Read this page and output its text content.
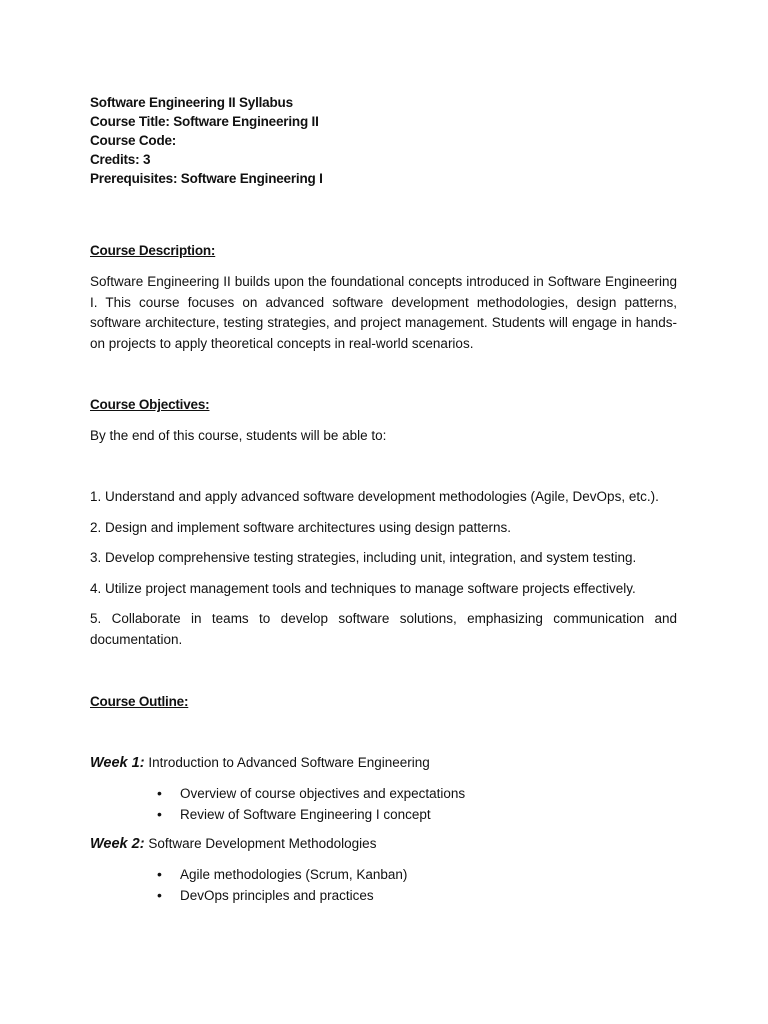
Software Engineering II Syllabus
Course Title: Software Engineering II
Course Code:
Credits: 3
Prerequisites: Software Engineering I
Course Description:

Software Engineering II builds upon the foundational concepts introduced in Software Engineering I. This course focuses on advanced software development methodologies, design patterns, software architecture, testing strategies, and project management. Students will engage in hands-on projects to apply theoretical concepts in real-world scenarios.

Course Objectives:

By the end of this course, students will be able to:

1. Understand and apply advanced software development methodologies (Agile, DevOps, etc.).

2. Design and implement software architectures using design patterns.

3. Develop comprehensive testing strategies, including unit, integration, and system testing.

4. Utilize project management tools and techniques to manage software projects effectively.

5. Collaborate in teams to develop software solutions, emphasizing communication and documentation.

Course Outline:
Week 1: Introduction to Advanced Software Engineering
• Overview of course objectives and expectations
• Review of Software Engineering I concept
Week 2: Software Development Methodologies
• Agile methodologies (Scrum, Kanban)
• DevOps principles and practices
